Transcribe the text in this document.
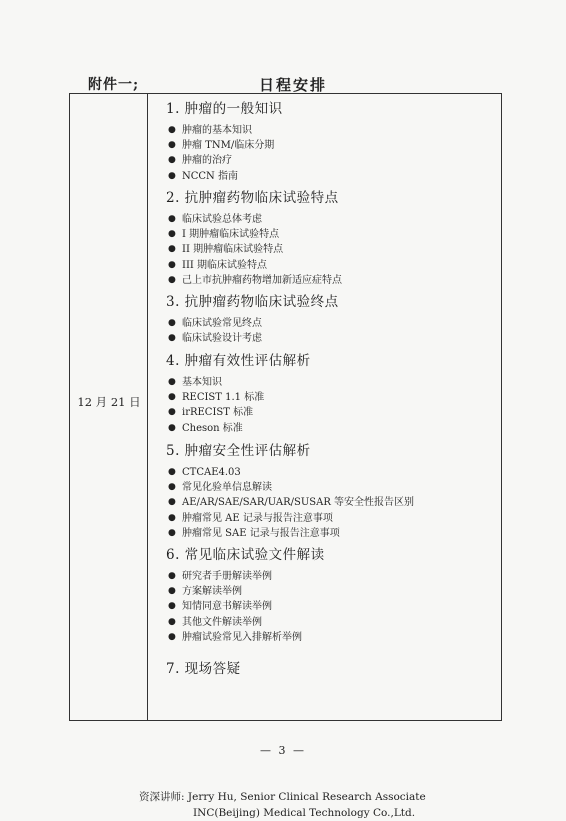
附件一;	日程安排
12 月 21 日
1. 肿瘤的一般知识
● 肿瘤的基本知识
● 肿瘤 TNM/临床分期
● 肿瘤的治疗
● NCCN 指南
2. 抗肿瘤药物临床试验特点
● 临床试验总体考虑
● I 期肿瘤临床试验特点
● II 期肿瘤临床试验特点
● III 期临床试验特点
● 己上市抗肿瘤药物增加新适应症特点
3. 抗肿瘤药物临床试验终点
● 临床试验常见终点
● 临床试验设计考虑
4. 肿瘤有效性评估解析
● 基本知识
● RECIST 1.1 标准
● irRECIST 标准
● Cheson 标准
5. 肿瘤安全性评估解析
● CTCAE4.03
● 常见化验单信息解读
● AE/AR/SAE/SAR/UAR/SUSAR 等安全性报告区别
● 肿瘤常见 AE 记录与报告注意事项
● 肿瘤常见 SAE 记录与报告注意事项
6. 常见临床试验文件解读
● 研究者手册解读举例
● 方案解读举例
● 知情同意书解读举例
● 其他文件解读举例
● 肿瘤试验常见入排解析举例
7. 现场答疑
资深讲师: Jerry Hu, Senior Clinical Research Associate
INC(Beijing) Medical Technology Co.,Ltd.
— 3 —
